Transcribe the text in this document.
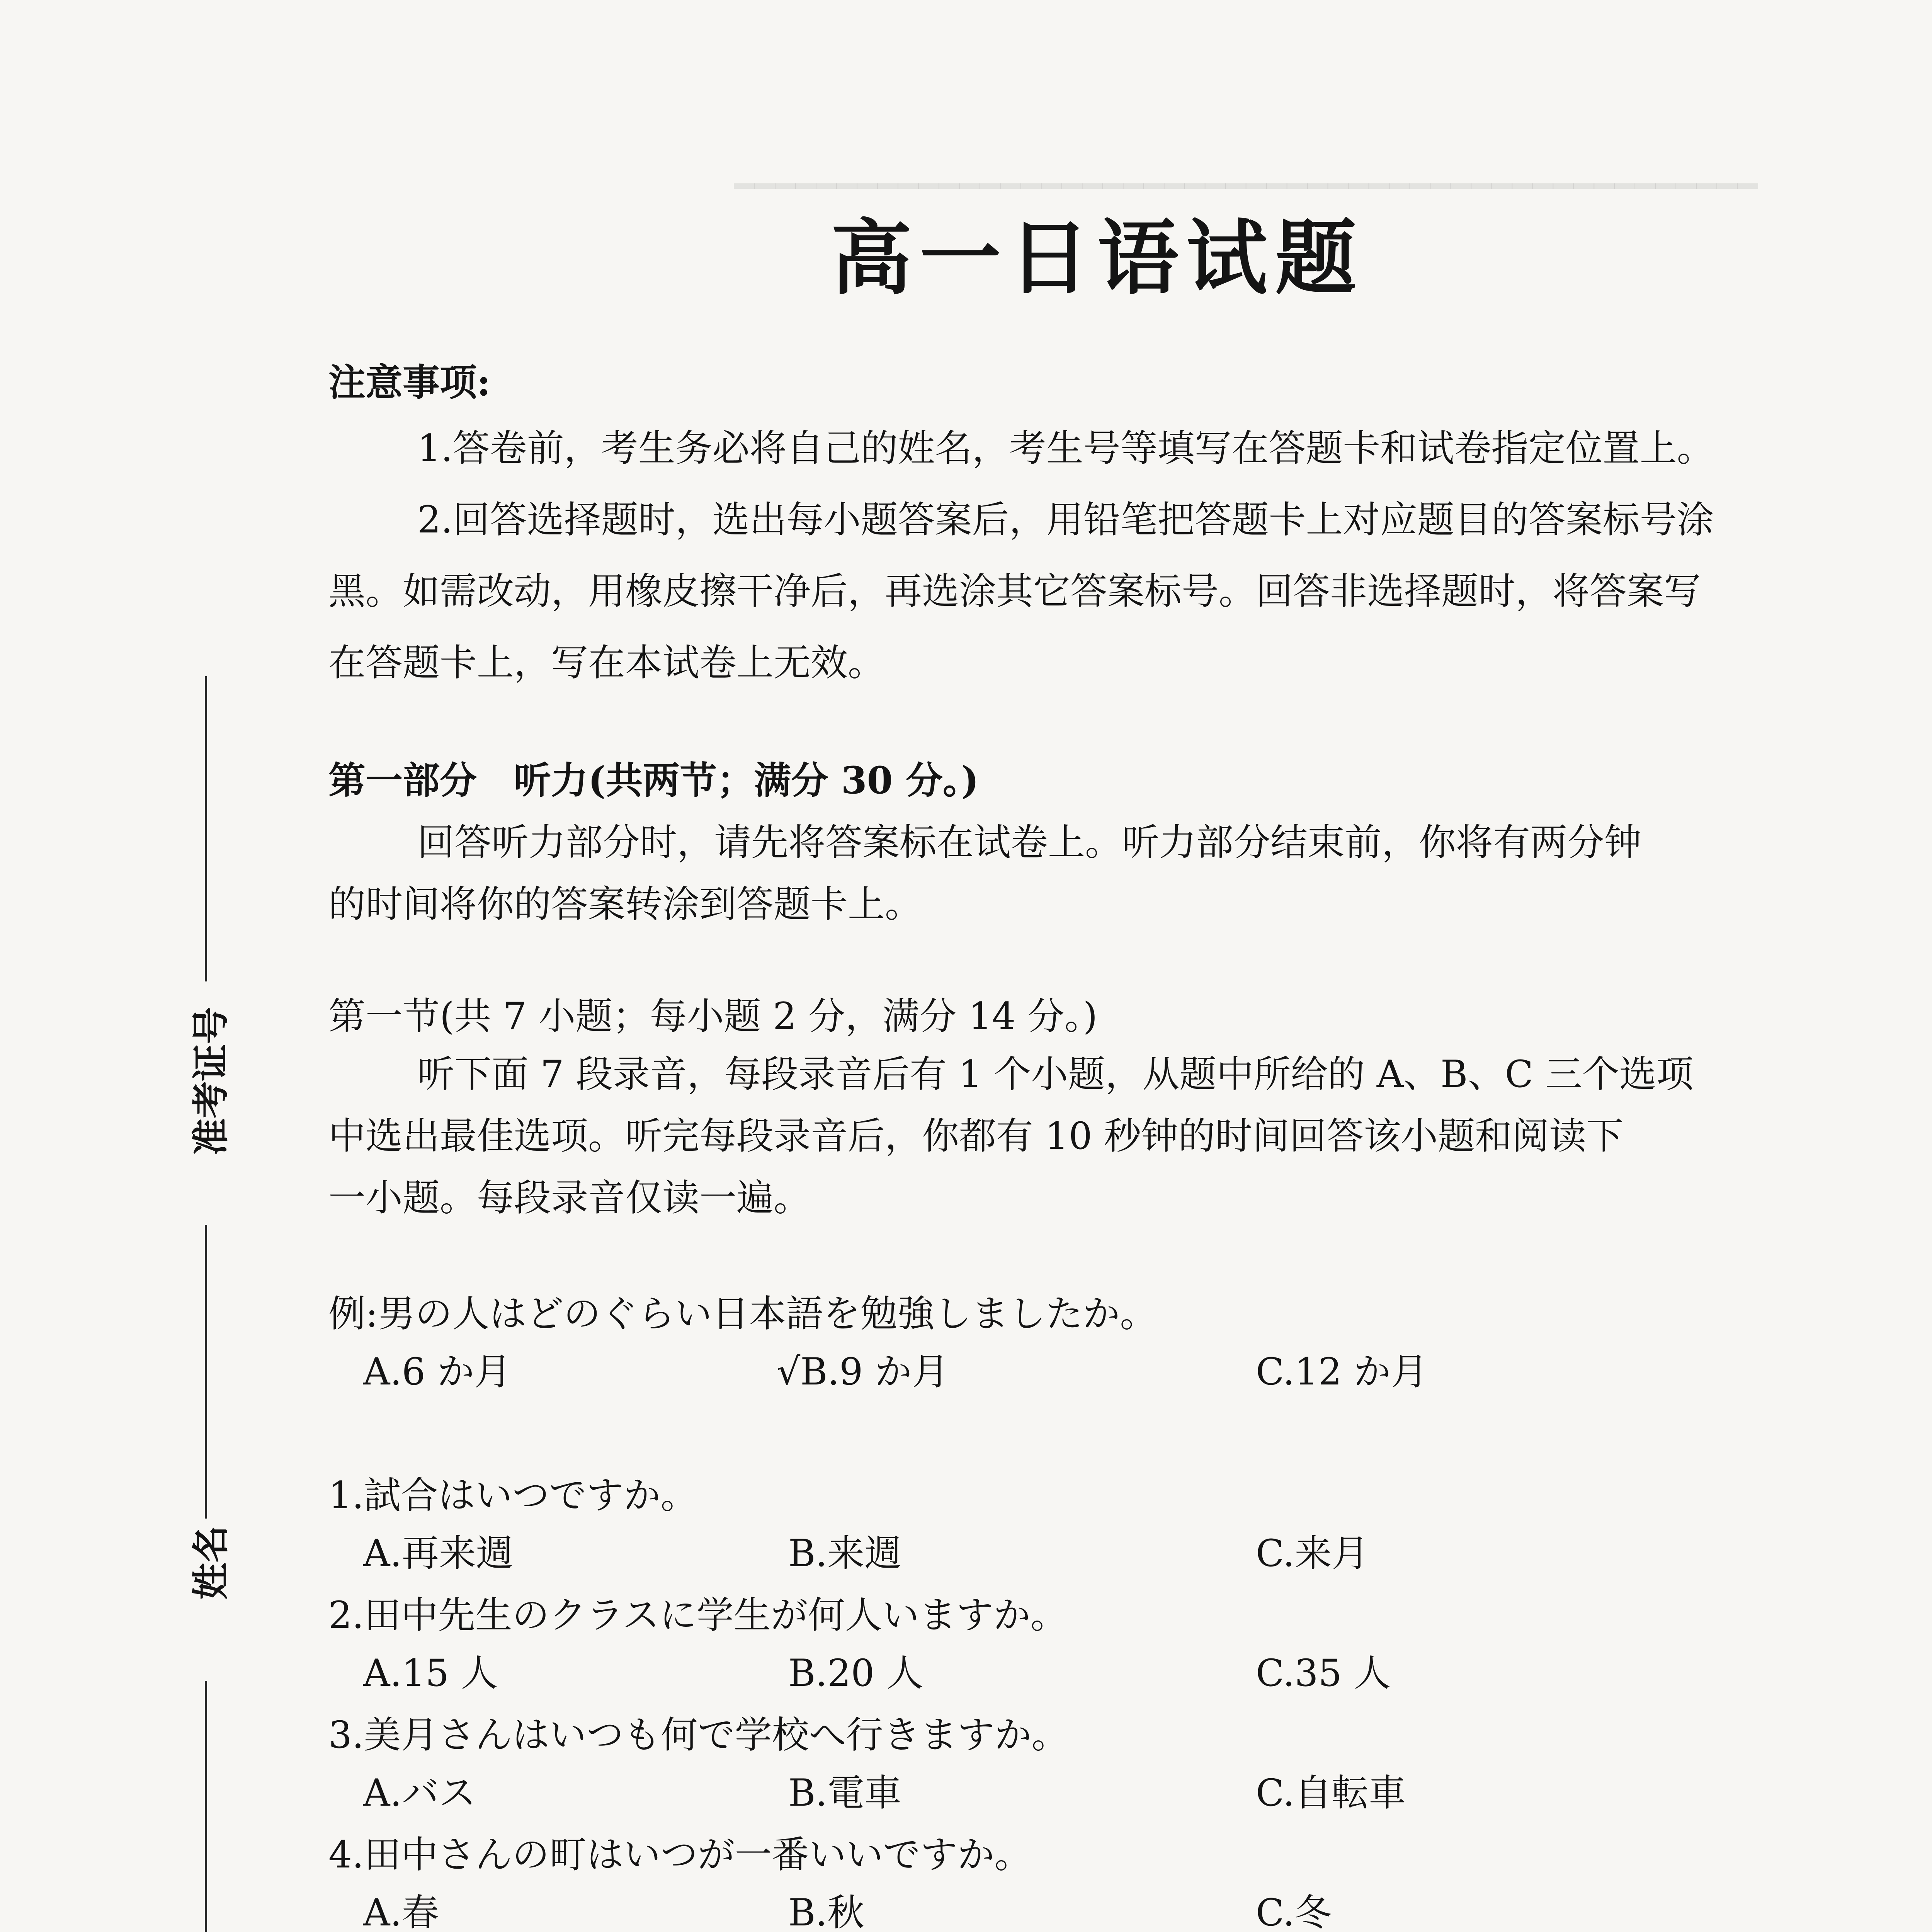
━━━━━━━━━━━━━━━━━━━━━━━━━━━━━━━━━━━━━━━━━━━━━━━━━━
高一日语试题
注意事项:
1.答卷前，考生务必将自己的姓名，考生号等填写在答题卡和试卷指定位置上。
2.回答选择题时，选出每小题答案后，用铅笔把答题卡上对应题目的答案标号涂
黑。如需改动，用橡皮擦干净后，再选涂其它答案标号。回答非选择题时，将答案写
在答题卡上，写在本试卷上无效。
第一部分　听力(共两节；满分 30 分。)
回答听力部分时，请先将答案标在试卷上。听力部分结束前，你将有两分钟
的时间将你的答案转涂到答题卡上。
第一节(共 7 小题；每小题 2 分，满分 14 分。)
听下面 7 段录音，每段录音后有 1 个小题，从题中所给的 A、B、C 三个选项
中选出最佳选项。听完每段录音后，你都有 10 秒钟的时间回答该小题和阅读下
一小题。每段录音仅读一遍。
例:男の人はどのぐらい日本語を勉強しましたか。
A.6 か月	√B.9 か月	C.12 か月
1.試合はいつですか。
A.再来週	B.来週	C.来月
2.田中先生のクラスに学生が何人いますか。
A.15 人	B.20 人	C.35 人
3.美月さんはいつも何で学校へ行きますか。
A.バス	B.電車	C.自転車
4.田中さんの町はいつが一番いいですか。
A.春	B.秋	C.冬
准考证号
姓名
